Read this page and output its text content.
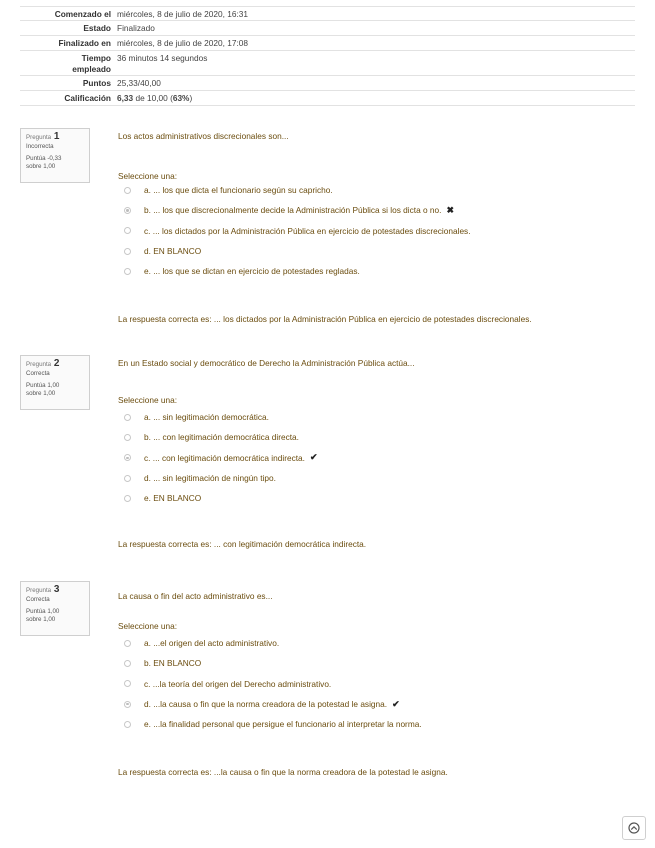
Comenzado el miércoles, 8 de julio de 2020, 16:31
Estado Finalizado
Finalizado en miércoles, 8 de julio de 2020, 17:08
Tiempo empleado
36 minutos 14 segundos
Puntos 25,33/40,00
Calificación 6,33 de 10,00 (63%)
Pregunta 1
Incorrecta
Puntúa -0,33
sobre 1,00
Los actos administrativos discrecionales son...
Seleccione una:
a. ... los que dicta el funcionario según su capricho.
b. ... los que discrecionalmente decide la Administración Pública si los dicta o no. ✖
c. ... los dictados por la Administración Pública en ejercicio de potestades discrecionales.
d. EN BLANCO
e. ... los que se dictan en ejercicio de potestades regladas.
La respuesta correcta es: ... los dictados por la Administración Pública en ejercicio de potestades discrecionales.
Pregunta 2
Correcta
Puntúa 1,00
sobre 1,00
En un Estado social y democrático de Derecho la Administración Pública actúa...
Seleccione una:
a. ... sin legitimación democrática.
b. ... con legitimación democrática directa.
c. ... con legitimación democrática indirecta. ✔
d. ... sin legitimación de ningún tipo.
e. EN BLANCO
La respuesta correcta es: ... con legitimación democrática indirecta.
Pregunta 3
Correcta
Puntúa 1,00
sobre 1,00
La causa o fin del acto administrativo es...
Seleccione una:
a. ...el origen del acto administrativo.
b. EN BLANCO
c. ...la teoría del origen del Derecho administrativo.
d. ...la causa o fin que la norma creadora de la potestad le asigna. ✔
e. ...la finalidad personal que persigue el funcionario al interpretar la norma.
La respuesta correcta es: ...la causa o fin que la norma creadora de la potestad le asigna.
